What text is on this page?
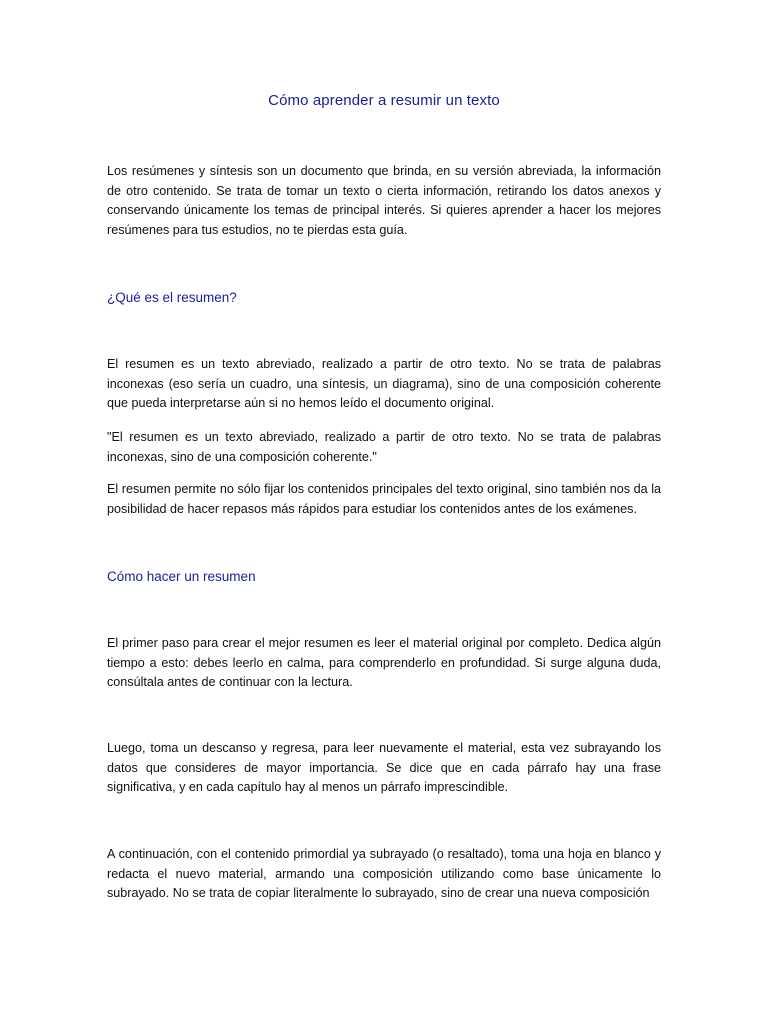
Cómo aprender a resumir un texto

Los resúmenes y síntesis son un documento que brinda, en su versión abreviada, la información de otro contenido. Se trata de tomar un texto o cierta información, retirando los datos anexos y conservando únicamente los temas de principal interés. Si quieres aprender a hacer los mejores resúmenes para tus estudios, no te pierdas esta guía.

¿Qué es el resumen?

El resumen es un texto abreviado, realizado a partir de otro texto. No se trata de palabras inconexas (eso sería un cuadro, una síntesis, un diagrama), sino de una composición coherente que pueda interpretarse aún si no hemos leído el documento original.

"El resumen es un texto abreviado, realizado a partir de otro texto. No se trata de palabras inconexas, sino de una composición coherente."

El resumen permite no sólo fijar los contenidos principales del texto original, sino también nos da la posibilidad de hacer repasos más rápidos para estudiar los contenidos antes de los exámenes.

Cómo hacer un resumen

El primer paso para crear el mejor resumen es leer el material original por completo. Dedica algún tiempo a esto: debes leerlo en calma, para comprenderlo en profundidad. Si surge alguna duda, consúltala antes de continuar con la lectura.

Luego, toma un descanso y regresa, para leer nuevamente el material, esta vez subrayando los datos que consideres de mayor importancia. Se dice que en cada párrafo hay una frase significativa, y en cada capítulo hay al menos un párrafo imprescindible.

A continuación, con el contenido primordial ya subrayado (o resaltado), toma una hoja en blanco y redacta el nuevo material, armando una composición utilizando como base únicamente lo subrayado. No se trata de copiar literalmente lo subrayado, sino de crear una nueva composición
